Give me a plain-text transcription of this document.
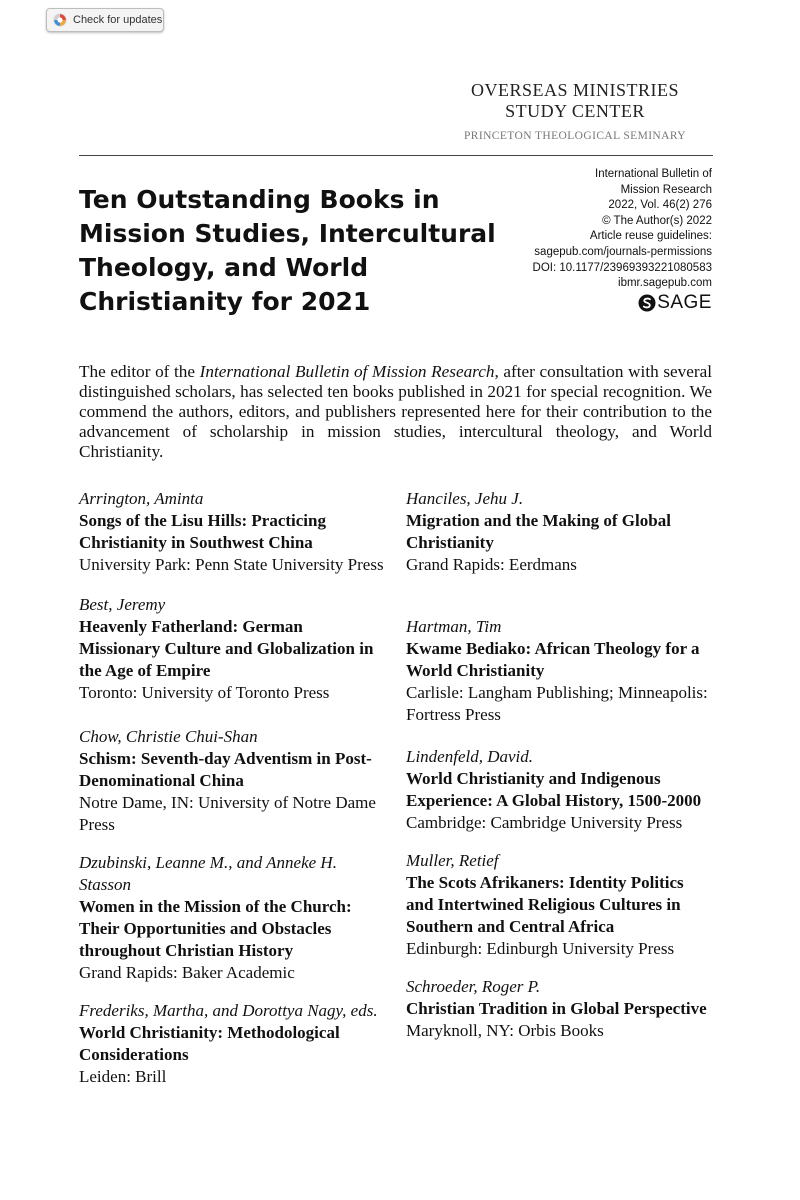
Check for updates
OVERSEAS MINISTRIES
STUDY CENTER
PRINCETON THEOLOGICAL SEMINARY
Ten Outstanding Books in Mission Studies, Intercultural Theology, and World Christianity for 2021
International Bulletin of
Mission Research
2022, Vol. 46(2) 276
© The Author(s) 2022
Article reuse guidelines:
sagepub.com/journals-permissions
DOI: 10.1177/23969393221080583
ibmr.sagepub.com
SAGE
The editor of the International Bulletin of Mission Research, after consultation with several distinguished scholars, has selected ten books published in 2021 for special recognition. We commend the authors, editors, and publishers represented here for their contribution to the advancement of scholarship in mission studies, intercultural theology, and World Christianity.
Arrington, Aminta
Songs of the Lisu Hills: Practicing Christianity in Southwest China
University Park: Penn State University Press
Best, Jeremy
Heavenly Fatherland: German Missionary Culture and Globalization in the Age of Empire
Toronto: University of Toronto Press
Chow, Christie Chui-Shan
Schism: Seventh-day Adventism in Post-Denominational China
Notre Dame, IN: University of Notre Dame Press
Dzubinski, Leanne M., and Anneke H. Stasson
Women in the Mission of the Church: Their Opportunities and Obstacles throughout Christian History
Grand Rapids: Baker Academic
Frederiks, Martha, and Dorottya Nagy, eds.
World Christianity: Methodological Considerations
Leiden: Brill
Hanciles, Jehu J.
Migration and the Making of Global Christianity
Grand Rapids: Eerdmans
Hartman, Tim
Kwame Bediako: African Theology for a World Christianity
Carlisle: Langham Publishing; Minneapolis: Fortress Press
Lindenfeld, David.
World Christianity and Indigenous Experience: A Global History, 1500-2000
Cambridge: Cambridge University Press
Muller, Retief
The Scots Afrikaners: Identity Politics and Intertwined Religious Cultures in Southern and Central Africa
Edinburgh: Edinburgh University Press
Schroeder, Roger P.
Christian Tradition in Global Perspective
Maryknoll, NY: Orbis Books
